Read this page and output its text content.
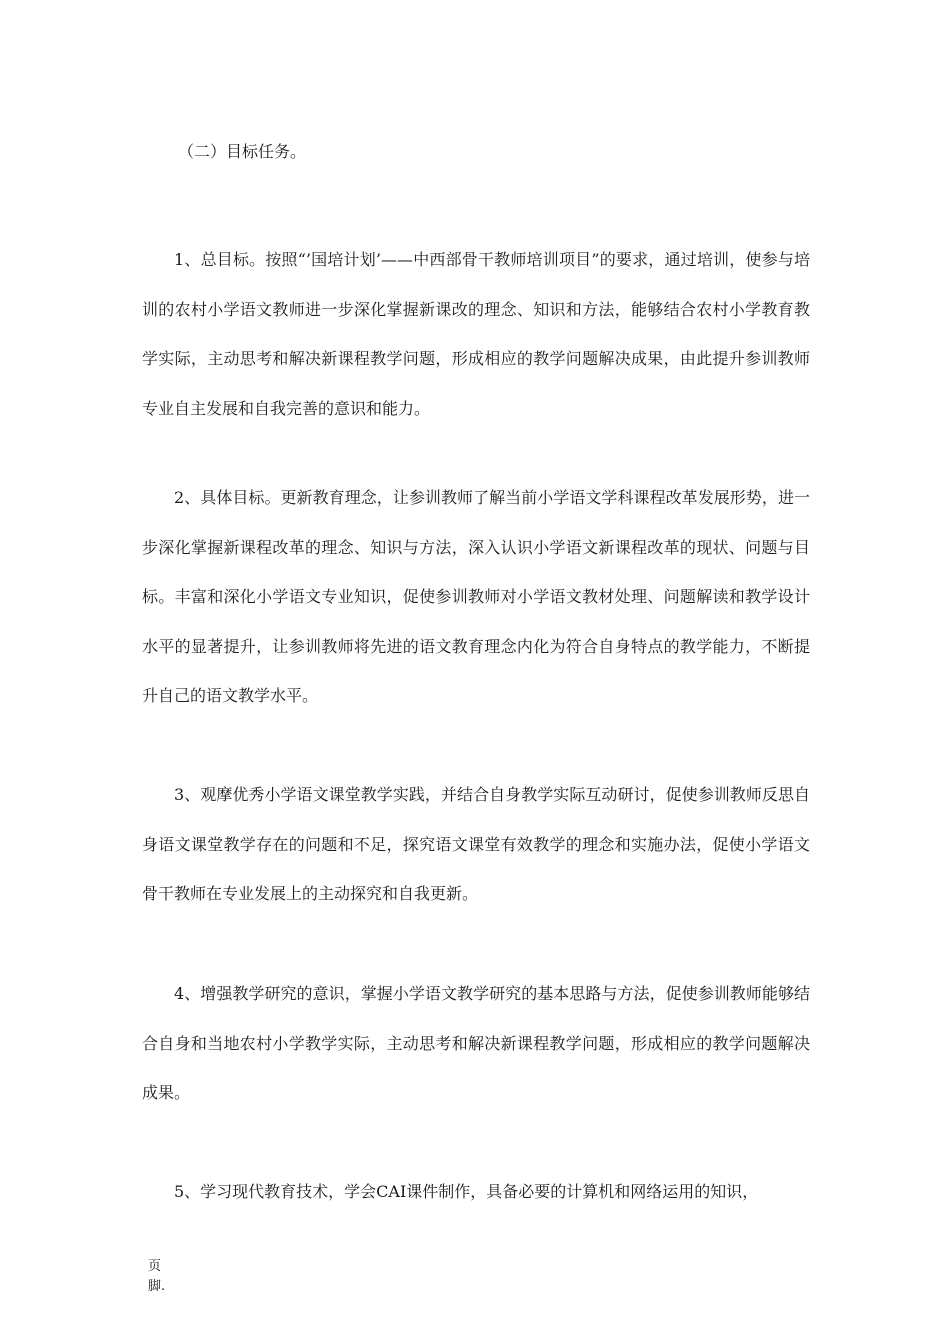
（二）目标任务。

1、总目标。按照“’国培计划’——中西部骨干教师培训项目”的要求，通过培训，使参与培训的农村小学语文教师进一步深化掌握新课改的理念、知识和方法，能够结合农村小学教育教学实际，主动思考和解决新课程教学问题，形成相应的教学问题解决成果，由此提升参训教师专业自主发展和自我完善的意识和能力。

2、具体目标。更新教育理念，让参训教师了解当前小学语文学科课程改革发展形势，进一步深化掌握新课程改革的理念、知识与方法，深入认识小学语文新课程改革的现状、问题与目标。丰富和深化小学语文专业知识，促使参训教师对小学语文教材处理、问题解读和教学设计水平的显著提升，让参训教师将先进的语文教育理念内化为符合自身特点的教学能力，不断提升自己的语文教学水平。

3、观摩优秀小学语文课堂教学实践，并结合自身教学实际互动研讨，促使参训教师反思自身语文课堂教学存在的问题和不足，探究语文课堂有效教学的理念和实施办法，促使小学语文骨干教师在专业发展上的主动探究和自我更新。

4、增强教学研究的意识，掌握小学语文教学研究的基本思路与方法，促使参训教师能够结合自身和当地农村小学教学实际，主动思考和解决新课程教学问题，形成相应的教学问题解决成果。

5、学习现代教育技术，学会CAI课件制作，具备必要的计算机和网络运用的知识，

页
脚.
